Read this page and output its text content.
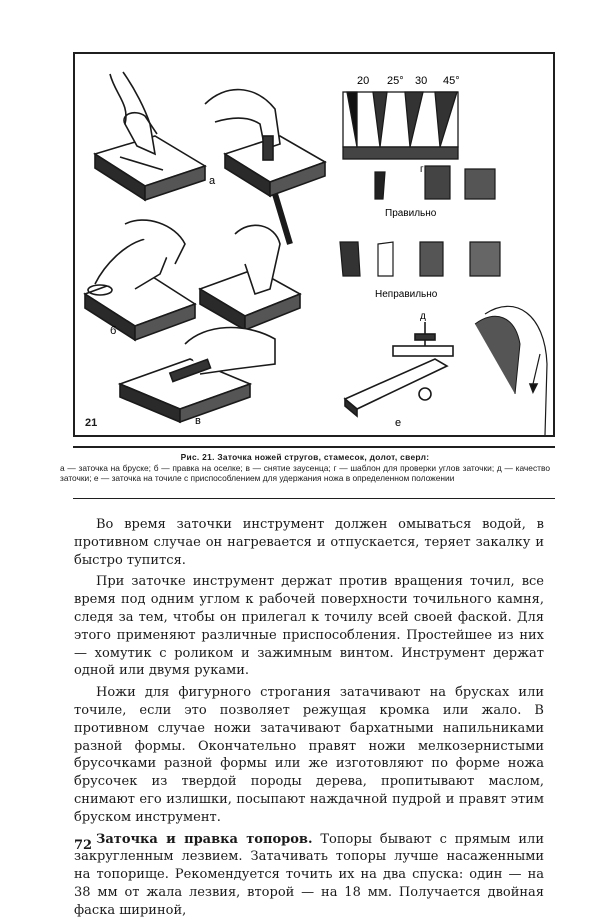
20 25° 30 45°
а
б
в
г
д
е
Правильно
Неправильно
21
Рис. 21. Заточка ножей стругов, стамесок, долот, сверл:
а — заточка на бруске; б — правка на оселке; в — снятие заусенца; г — шаблон для проверки углов заточки; д — качество заточки; е — заточка на точиле с приспособлением для удержания ножа в определенном положении

Во время заточки инструмент должен омываться водой, в противном случае он нагревается и отпускается, теряет закалку и быстро тупится.

При заточке инструмент держат против вращения точил, все время под одним углом к рабочей поверхности точильного камня, следя за тем, чтобы он прилегал к точилу всей своей фаской. Для этого применяют различные приспособления. Простейшее из них — хомутик с роликом и зажимным винтом. Инструмент держат одной или двумя руками.

Ножи для фигурного строгания затачивают на брусках или точиле, если это позволяет режущая кромка или жало. В противном случае ножи затачивают бархатными напильниками разной формы. Окончательно правят ножи мелкозернистыми брусочками разной формы или же изготовляют по форме ножа брусочек из твердой породы дерева, пропитывают маслом, снимают его излишки, посыпают наждачной пудрой и правят этим бруском инструмент.

Заточка и правка топоров. Топоры бывают с прямым или закругленным лезвием. Затачивать топоры лучше насаженными на топорище. Рекомендуется точить их на два спуска: один — на 38 мм от жала лезвия, второй — на 18 мм. Получается двойная фаска шириной,

72
